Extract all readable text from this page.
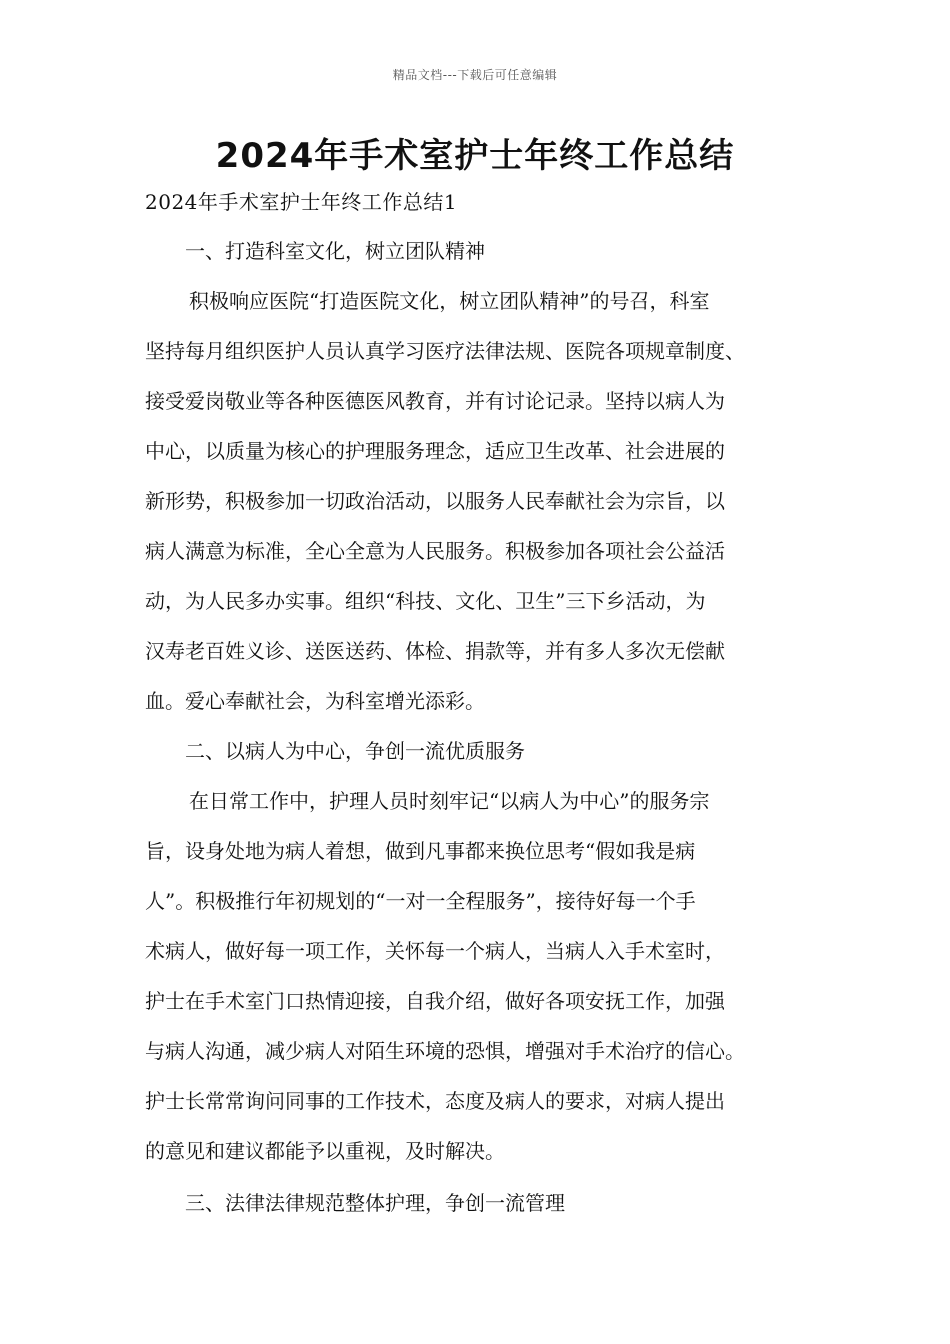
精品文档---下载后可任意编辑
2024年手术室护士年终工作总结
2024年手术室护士年终工作总结1
一、打造科室文化，树立团队精神
积极响应医院“打造医院文化，树立团队精神”的号召，科室
坚持每月组织医护人员认真学习医疗法律法规、医院各项规章制度、
接受爱岗敬业等各种医德医风教育，并有讨论记录。坚持以病人为
中心，以质量为核心的护理服务理念，适应卫生改革、社会进展的
新形势，积极参加一切政治活动，以服务人民奉献社会为宗旨，以
病人满意为标准，全心全意为人民服务。积极参加各项社会公益活
动，为人民多办实事。组织“科技、文化、卫生”三下乡活动，为
汉寿老百姓义诊、送医送药、体检、捐款等，并有多人多次无偿献
血。爱心奉献社会，为科室增光添彩。
二、以病人为中心，争创一流优质服务
在日常工作中，护理人员时刻牢记“以病人为中心”的服务宗
旨，设身处地为病人着想，做到凡事都来换位思考“假如我是病
人”。积极推行年初规划的“一对一全程服务”，接待好每一个手
术病人，做好每一项工作，关怀每一个病人，当病人入手术室时，
护士在手术室门口热情迎接，自我介绍，做好各项安抚工作，加强
与病人沟通，减少病人对陌生环境的恐惧，增强对手术治疗的信心。
护士长常常询问同事的工作技术，态度及病人的要求，对病人提出
的意见和建议都能予以重视，及时解决。
三、法律法律规范整体护理，争创一流管理
